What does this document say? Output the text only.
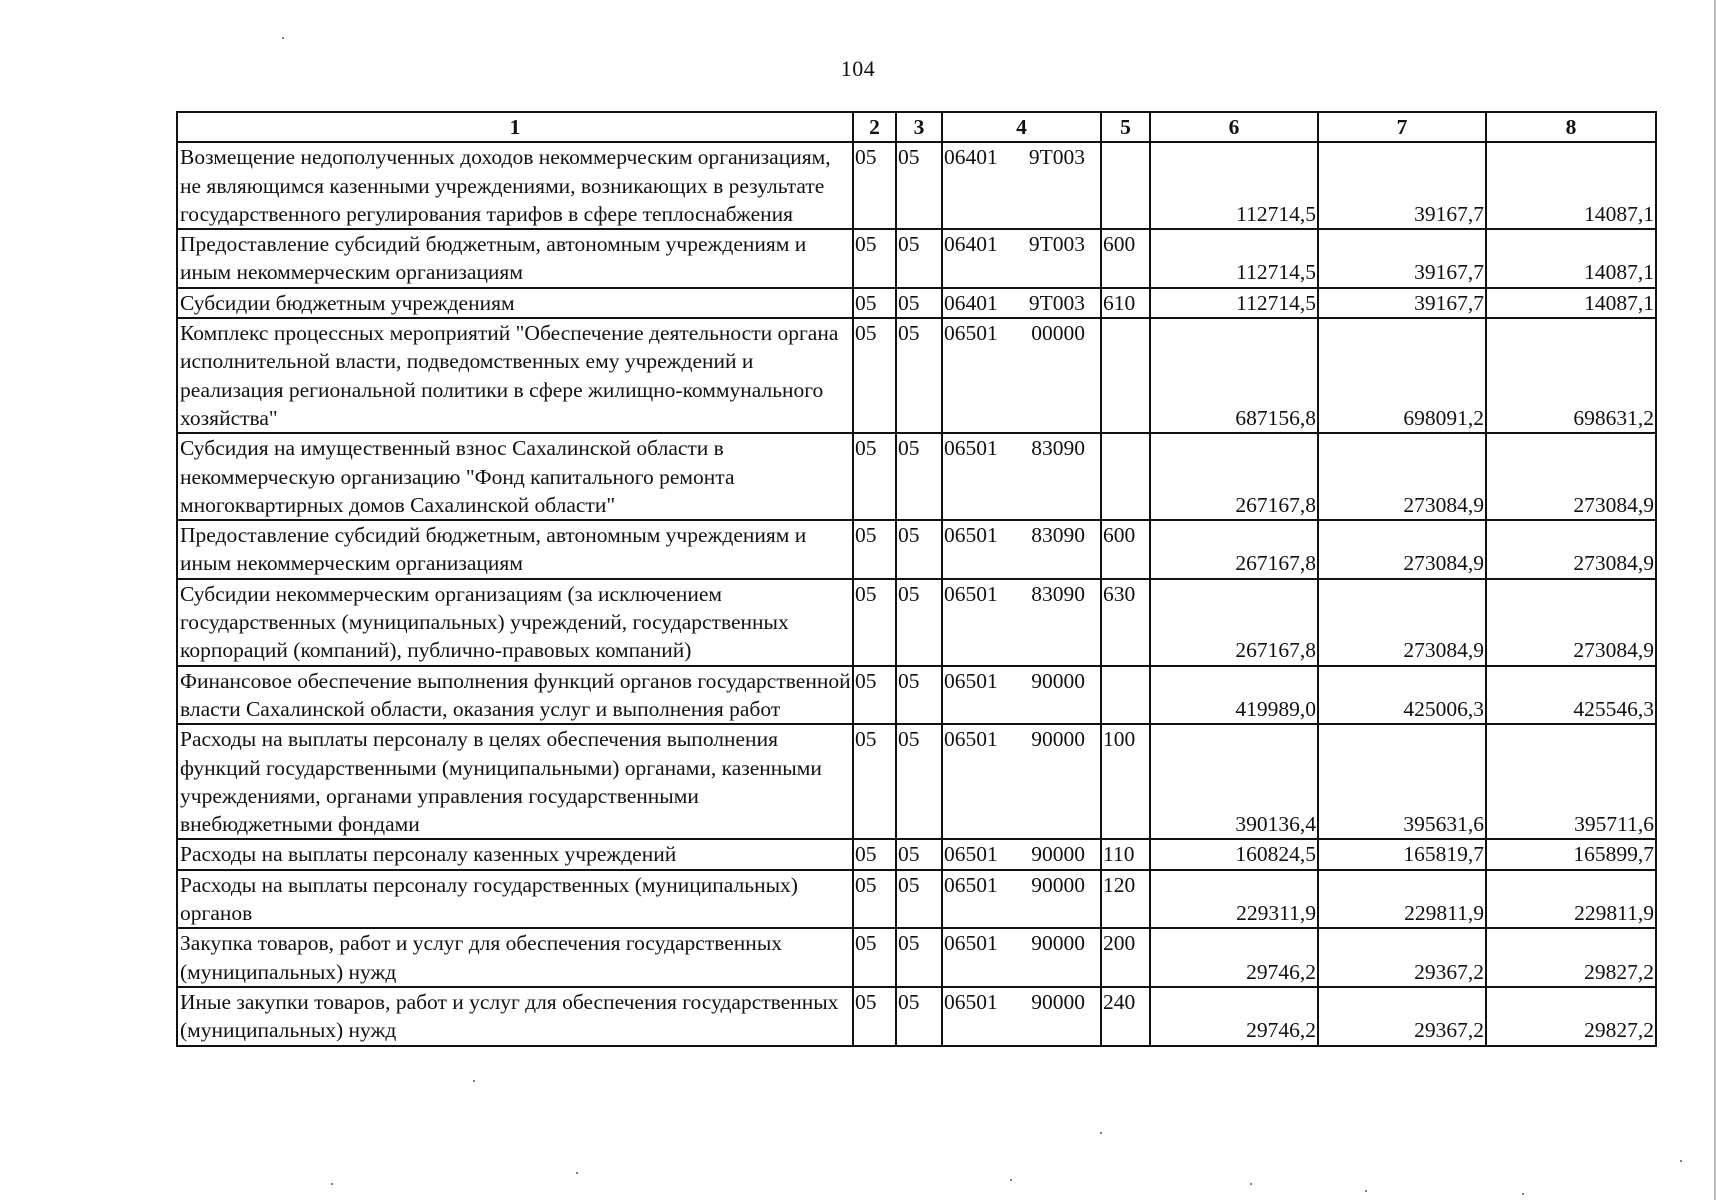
104
1	2	3	4	5	6	7	8
Возмещение недополученных доходов некоммерческим организациям, не являющимся казенными учреждениями, возникающих в результате государственного регулирования тарифов в сфере теплоснабжения	05	05	06401 9Т003		112714,5	39167,7	14087,1
Предоставление субсидий бюджетным, автономным учреждениям и иным некоммерческим организациям	05	05	06401 9Т003	600	112714,5	39167,7	14087,1
Субсидии бюджетным учреждениям	05	05	06401 9Т003	610	112714,5	39167,7	14087,1
Комплекс процессных мероприятий "Обеспечение деятельности органа исполнительной власти, подведомственных ему учреждений и реализация региональной политики в сфере жилищно-коммунального хозяйства"	05	05	06501 00000		687156,8	698091,2	698631,2
Субсидия на имущественный взнос Сахалинской области в некоммерческую организацию "Фонд капитального ремонта многоквартирных домов Сахалинской области"	05	05	06501 83090		267167,8	273084,9	273084,9
Предоставление субсидий бюджетным, автономным учреждениям и иным некоммерческим организациям	05	05	06501 83090	600	267167,8	273084,9	273084,9
Субсидии некоммерческим организациям (за исключением государственных (муниципальных) учреждений, государственных корпораций (компаний), публично-правовых компаний)	05	05	06501 83090	630	267167,8	273084,9	273084,9
Финансовое обеспечение выполнения функций органов государственной власти Сахалинской области, оказания услуг и выполнения работ	05	05	06501 90000		419989,0	425006,3	425546,3
Расходы на выплаты персоналу в целях обеспечения выполнения функций государственными (муниципальными) органами, казенными учреждениями, органами управления государственными внебюджетными фондами	05	05	06501 90000	100	390136,4	395631,6	395711,6
Расходы на выплаты персоналу казенных учреждений	05	05	06501 90000	110	160824,5	165819,7	165899,7
Расходы на выплаты персоналу государственных (муниципальных) органов	05	05	06501 90000	120	229311,9	229811,9	229811,9
Закупка товаров, работ и услуг для обеспечения государственных (муниципальных) нужд	05	05	06501 90000	200	29746,2	29367,2	29827,2
Иные закупки товаров, работ и услуг для обеспечения государственных (муниципальных) нужд	05	05	06501 90000	240	29746,2	29367,2	29827,2
